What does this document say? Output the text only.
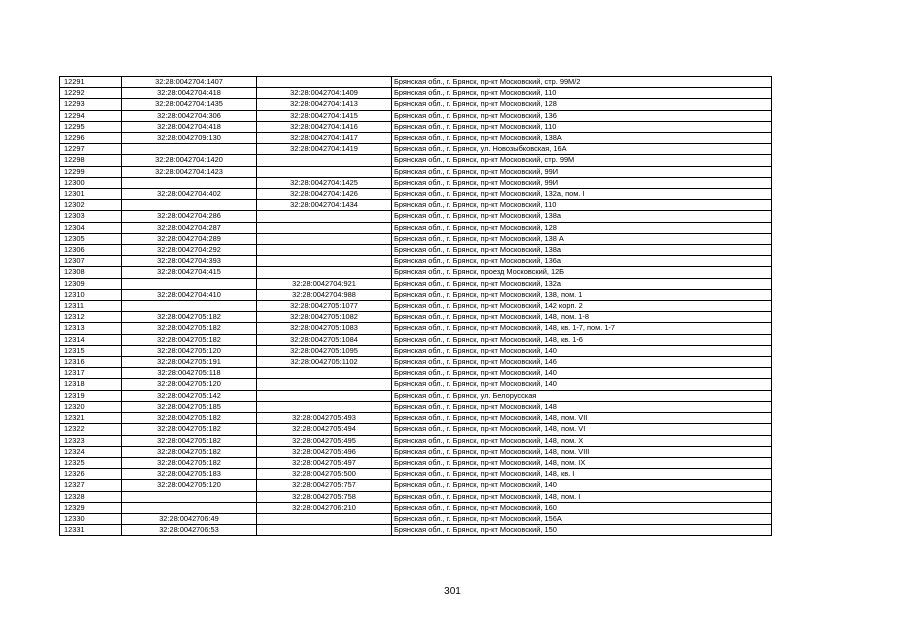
12291	32:28:0042704:1407		Брянская обл., г. Брянск, пр-кт Московский, стр. 99М/2
12292	32:28:0042704:418	32:28:0042704:1409	Брянская обл., г. Брянск, пр-кт Московский, 110
12293	32:28:0042704:1435	32:28:0042704:1413	Брянская обл., г. Брянск, пр-кт Московский, 128
12294	32:28:0042704:306	32:28:0042704:1415	Брянская обл., г. Брянск, пр-кт Московский, 136
12295	32:28:0042704:418	32:28:0042704:1416	Брянская обл., г. Брянск, пр-кт Московский, 110
12296	32:28:0042709:130	32:28:0042704:1417	Брянская обл., г. Брянск, пр-кт Московский, 138А
12297		32:28:0042704:1419	Брянская обл., г. Брянск, ул. Новозыбковская, 16А
12298	32:28:0042704:1420		Брянская обл., г. Брянск, пр-кт Московский, стр. 99М
12299	32:28:0042704:1423		Брянская обл., г. Брянск, пр-кт Московский, 99И
12300		32:28:0042704:1425	Брянская обл., г. Брянск, пр-кт Московский, 99И
12301	32:28:0042704:402	32:28:0042704:1426	Брянская обл., г. Брянск, пр-кт Московский, 132а, пом. I
12302		32:28:0042704:1434	Брянская обл., г. Брянск, пр-кт Московский, 110
12303	32:28:0042704:286		Брянская обл., г. Брянск, пр-кт Московский, 138а
12304	32:28:0042704:287		Брянская обл., г. Брянск, пр-кт Московский, 128
12305	32:28:0042704:289		Брянская обл., г. Брянск, пр-кт Московский, 138 А
12306	32:28:0042704:292		Брянская обл., г. Брянск, пр-кт Московский, 138а
12307	32:28:0042704:393		Брянская обл., г. Брянск, пр-кт Московский, 136а
12308	32:28:0042704:415		Брянская обл., г. Брянск, проезд Московский, 12Б
12309		32:28:0042704:921	Брянская обл., г. Брянск, пр-кт Московский, 132а
12310	32:28:0042704:410	32:28:0042704:988	Брянская обл., г. Брянск, пр-кт Московский, 138, пом. 1
12311		32:28:0042705:1077	Брянская обл., г. Брянск, пр-кт Московский, 142 корп. 2
12312	32:28:0042705:182	32:28:0042705:1082	Брянская обл., г. Брянск, пр-кт Московский, 148, пом. 1-8
12313	32:28:0042705:182	32:28:0042705:1083	Брянская обл., г. Брянск, пр-кт Московский, 148, кв. 1-7, пом. 1-7
12314	32:28:0042705:182	32:28:0042705:1084	Брянская обл., г. Брянск, пр-кт Московский, 148, кв. 1-6
12315	32:28:0042705:120	32:28:0042705:1095	Брянская обл., г. Брянск, пр-кт Московский, 140
12316	32:28:0042705:191	32:28:0042705:1102	Брянская обл., г. Брянск, пр-кт Московский, 146
12317	32:28:0042705:118		Брянская обл., г. Брянск, пр-кт Московский, 140
12318	32:28:0042705:120		Брянская обл., г. Брянск, пр-кт Московский, 140
12319	32:28:0042705:142		Брянская обл., г. Брянск, ул. Белорусская
12320	32:28:0042705:185		Брянская обл., г. Брянск, пр-кт Московский, 148
12321	32:28:0042705:182	32:28:0042705:493	Брянская обл., г. Брянск, пр-кт Московский, 148, пом. VII
12322	32:28:0042705:182	32:28:0042705:494	Брянская обл., г. Брянск, пр-кт Московский, 148, пом. VI
12323	32:28:0042705:182	32:28:0042705:495	Брянская обл., г. Брянск, пр-кт Московский, 148, пом. X
12324	32:28:0042705:182	32:28:0042705:496	Брянская обл., г. Брянск, пр-кт Московский, 148, пом. VIII
12325	32:28:0042705:182	32:28:0042705:497	Брянская обл., г. Брянск, пр-кт Московский, 148, пом. IX
12326	32:28:0042705:183	32:28:0042705:500	Брянская обл., г. Брянск, пр-кт Московский, 148, кв. I
12327	32:28:0042705:120	32:28:0042705:757	Брянская обл., г. Брянск, пр-кт Московский, 140
12328		32:28:0042705:758	Брянская обл., г. Брянск, пр-кт Московский, 148, пом. I
12329		32:28:0042706:210	Брянская обл., г. Брянск, пр-кт Московский, 160
12330	32:28:0042706:49		Брянская обл., г. Брянск, пр-кт Московский, 156А
12331	32:28:0042706:53		Брянская обл., г. Брянск, пр-кт Московский, 150
301
